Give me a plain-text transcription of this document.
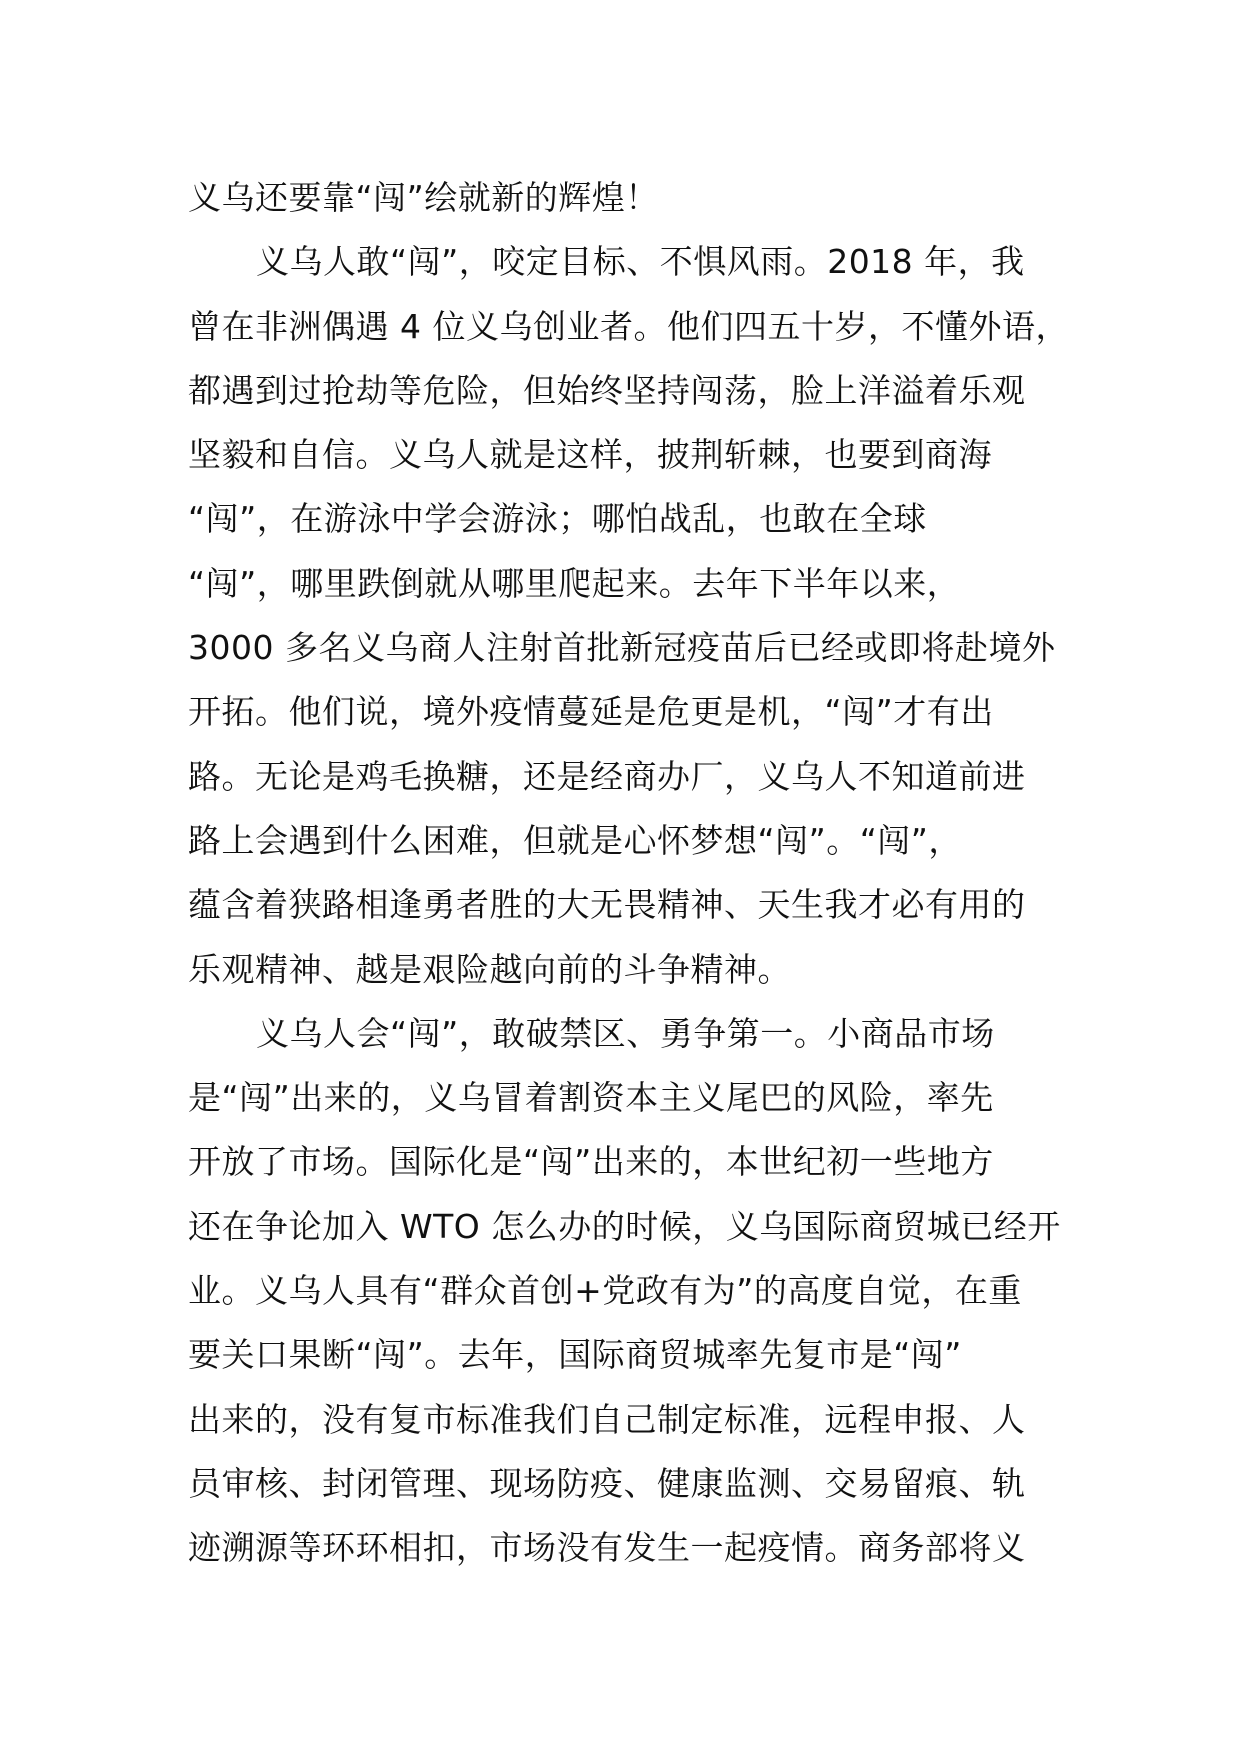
义乌还要靠“闯”绘就新的辉煌！
义乌人敢“闯”，咬定目标、不惧风雨。2018 年，我
曾在非洲偶遇 4 位义乌创业者。他们四五十岁，不懂外语，
都遇到过抢劫等危险，但始终坚持闯荡，脸上洋溢着乐观
坚毅和自信。义乌人就是这样，披荆斩棘，也要到商海
“闯”，在游泳中学会游泳；哪怕战乱，也敢在全球
“闯”，哪里跌倒就从哪里爬起来。去年下半年以来，
3000 多名义乌商人注射首批新冠疫苗后已经或即将赴境外
开拓。他们说，境外疫情蔓延是危更是机，“闯”才有出
路。无论是鸡毛换糖，还是经商办厂，义乌人不知道前进
路上会遇到什么困难，但就是心怀梦想“闯”。“闯”，
蕴含着狭路相逢勇者胜的大无畏精神、天生我才必有用的
乐观精神、越是艰险越向前的斗争精神。
义乌人会“闯”，敢破禁区、勇争第一。小商品市场
是“闯”出来的，义乌冒着割资本主义尾巴的风险，率先
开放了市场。国际化是“闯”出来的，本世纪初一些地方
还在争论加入 WTO 怎么办的时候，义乌国际商贸城已经开
业。义乌人具有“群众首创+党政有为”的高度自觉，在重
要关口果断“闯”。去年，国际商贸城率先复市是“闯”
出来的，没有复市标准我们自己制定标准，远程申报、人
员审核、封闭管理、现场防疫、健康监测、交易留痕、轨
迹溯源等环环相扣，市场没有发生一起疫情。商务部将义
